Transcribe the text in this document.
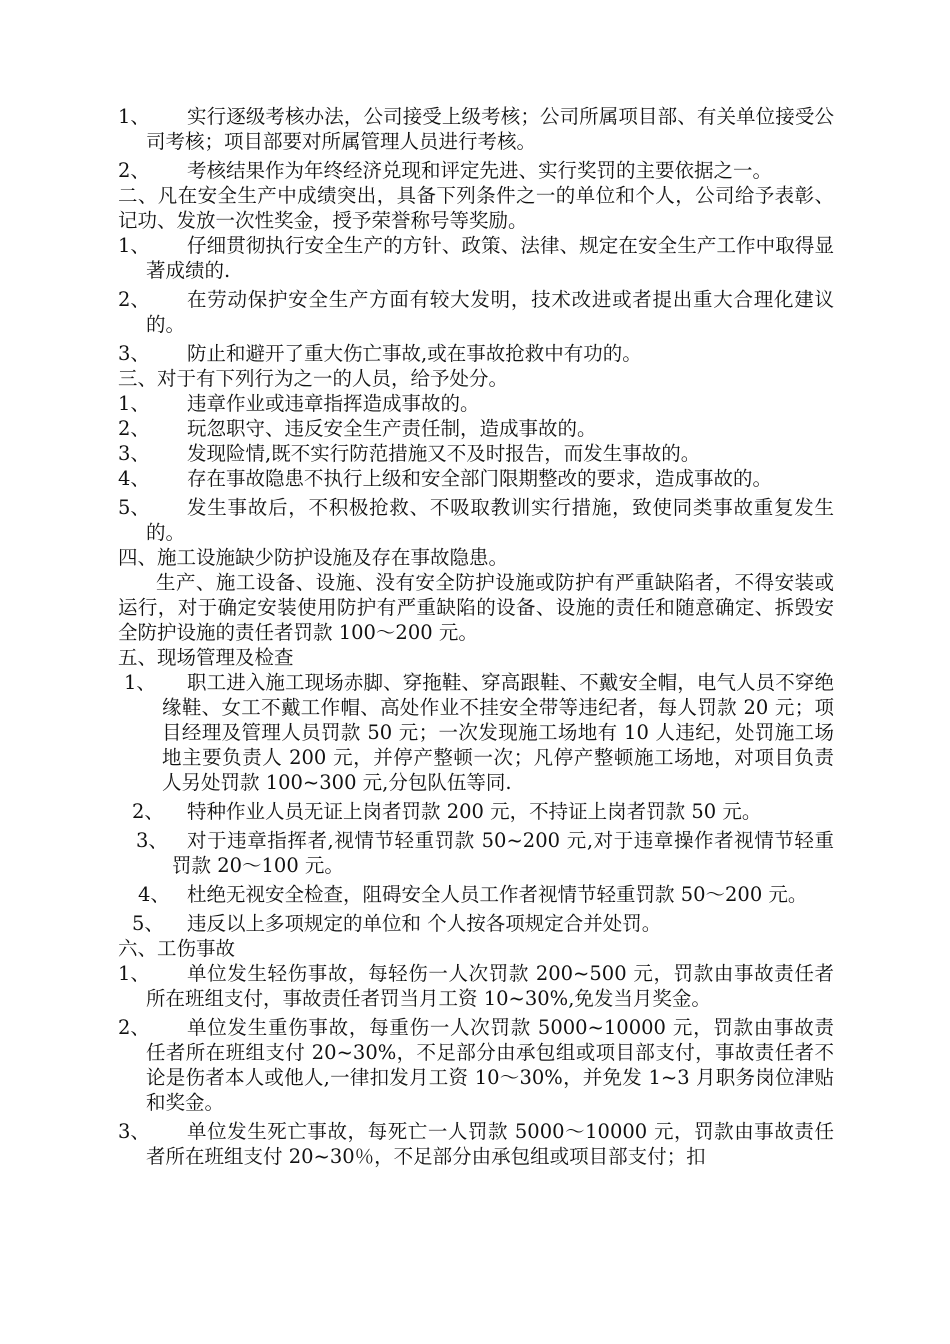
1、	实行逐级考核办法，公司接受上级考核；公司所属项目部、有关单位接受公司考核；项目部要对所属管理人员进行考核。
2、	考核结果作为年终经济兑现和评定先进、实行奖罚的主要依据之一。

二、凡在安全生产中成绩突出，具备下列条件之一的单位和个人，公司给予表彰、记功、发放一次性奖金，授予荣誉称号等奖励。

1、	仔细贯彻执行安全生产的方针、政策、法律、规定在安全生产工作中取得显著成绩的.
2、	在劳动保护安全生产方面有较大发明，技术改进或者提出重大合理化建议的。
3、	防止和避开了重大伤亡事故,或在事故抢救中有功的。

三、对于有下列行为之一的人员，给予处分。

1、	违章作业或违章指挥造成事故的。
2、	玩忽职守、违反安全生产责任制，造成事故的。
3、	发现险情,既不实行防范措施又不及时报告，而发生事故的。
4、	存在事故隐患不执行上级和安全部门限期整改的要求，造成事故的。
5、	发生事故后，不积极抢救、不吸取教训实行措施，致使同类事故重复发生的。

四、施工设施缺少防护设施及存在事故隐患。

生产、施工设备、设施、没有安全防护设施或防护有严重缺陷者，不得安装或运行，对于确定安装使用防护有严重缺陷的设备、设施的责任和随意确定、拆毁安全防护设施的责任者罚款 100～200 元。

五、现场管理及检查

1、	职工进入施工现场赤脚、穿拖鞋、穿高跟鞋、不戴安全帽，电气人员不穿绝缘鞋、女工不戴工作帽、高处作业不挂安全带等违纪者，每人罚款 20 元；项目经理及管理人员罚款 50 元；一次发现施工场地有 10 人违纪，处罚施工场地主要负责人 200 元，并停产整顿一次；凡停产整顿施工场地，对项目负责人另处罚款 100~300 元,分包队伍等同.
2、	特种作业人员无证上岗者罚款 200 元，不持证上岗者罚款 50 元。
3、 对于违章指挥者,视情节轻重罚款 50~200 元,对于违章操作者视情节轻重罚款 20～100 元。
4、 杜绝无视安全检查，阻碍安全人员工作者视情节轻重罚款 50～200 元。
5、	违反以上多项规定的单位和 个人按各项规定合并处罚。

六、工伤事故

1、	单位发生轻伤事故，每轻伤一人次罚款 200~500 元，罚款由事故责任者所在班组支付，事故责任者罚当月工资 10~30%,免发当月奖金。
2、	单位发生重伤事故，每重伤一人次罚款 5000~10000 元，罚款由事故责任者所在班组支付 20~30%，不足部分由承包组或项目部支付，事故责任者不论是伤者本人或他人,一律扣发月工资 10～30%，并免发 1~3 月职务岗位津贴和奖金。
3、	单位发生死亡事故，每死亡一人罚款 5000～10000 元，罚款由事故责任者所在班组支付 20~30％，不足部分由承包组或项目部支付；扣
